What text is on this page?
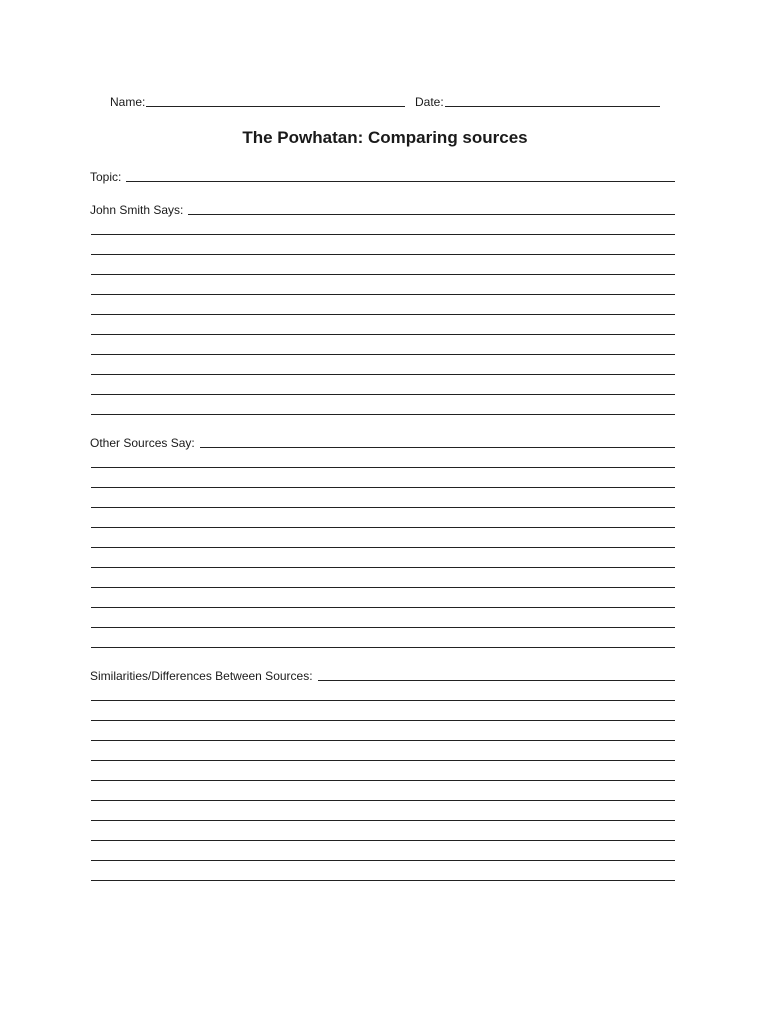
Name:	Date:
The Powhatan: Comparing sources
Topic:
John Smith Says:
Other Sources Say:
Similarities/Differences Between Sources:
